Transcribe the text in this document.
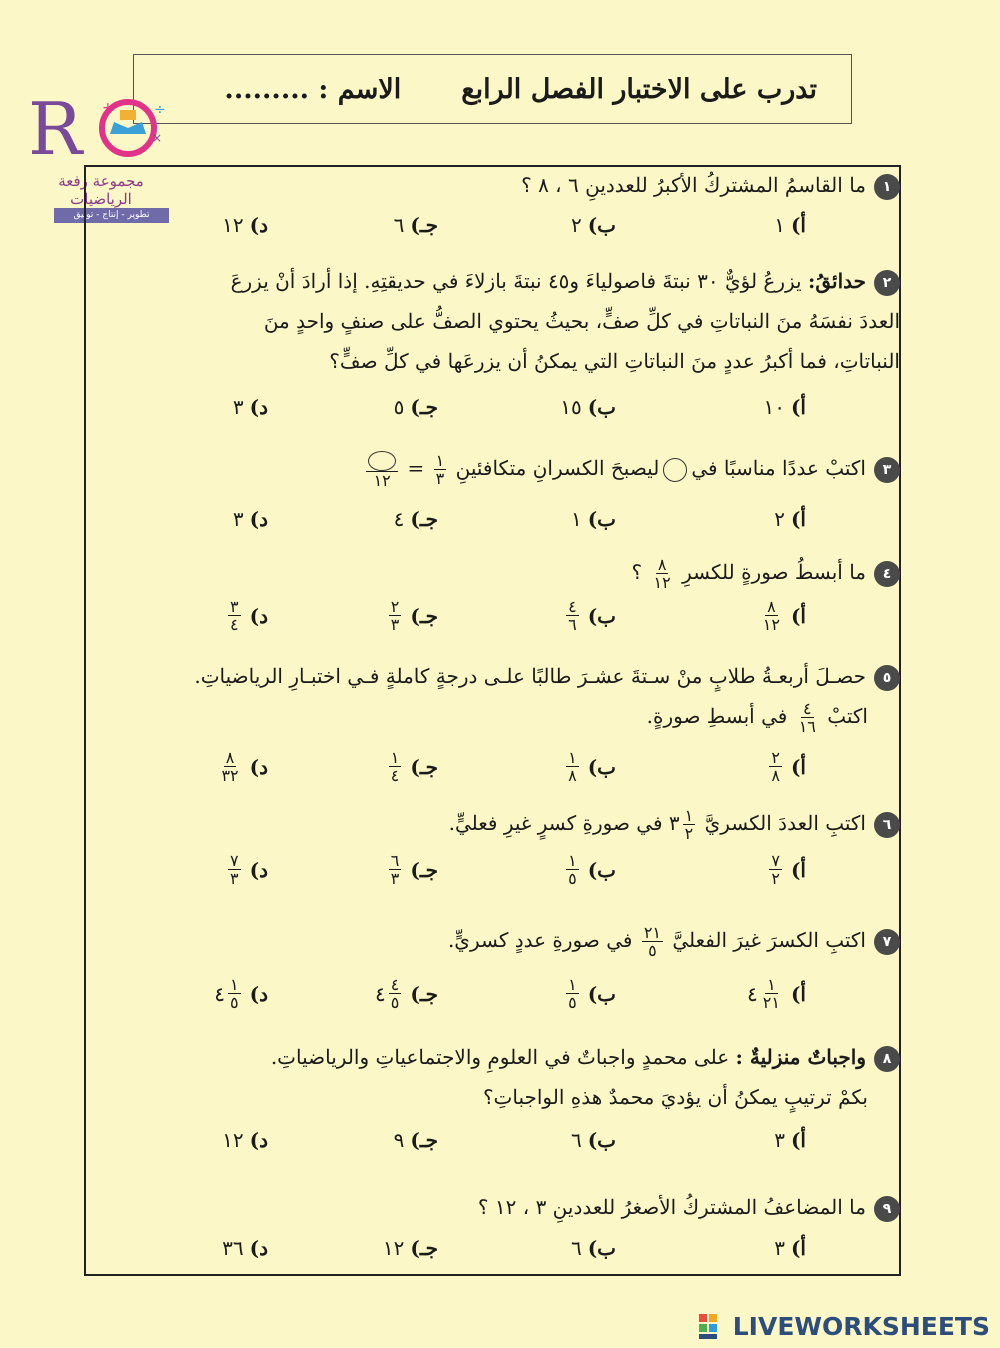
تدرب على الاختبار الفصل الرابع
الاسم : .........
R +	÷
×
مجموعة رفعة الرياضيات
تطوير - إنتاج - توثيق
١ما القاسمُ المشتركُ الأكبرُ للعددينِ ٦ ، ٨ ؟
أ)
١
ب)
٢
جـ)
٦
د)
١٢
٢حدائقُ: يزرعُ لؤيٌّ ٣٠ نبتةَ فاصولياءَ و٤٥ نبتةَ بازلاءَ في حديقتِهِ. إذا أرادَ أنْ يزرعَ
العددَ نفسَهُ منَ النباتاتِ في كلِّ صفٍّ، بحيثُ يحتوي الصفُّ على صنفٍ واحدٍ منَ
النباتاتِ، فما أكبرُ عددٍ منَ النباتاتِ التي يمكنُ أن يزرعَها في كلِّ صفٍّ؟
أ)
١٠
ب)
١٥
جـ)
٥
د)
٣
٣اكتبْ عددًا مناسبًا فيليصبحَ الكسرانِ متكافئينِ
$\frac{١}{٣}$
=
١٢
أ)
٢
ب)
١
جـ)
٤
د)
٣
٤ما أبسطُ صورةٍ للكسرِ
$\frac{٨}{١٢}$
؟
أ)
$\frac{٨}{١٢}$
ب)
$\frac{٤}{٦}$
جـ)
$\frac{٢}{٣}$
د)
$\frac{٣}{٤}$
٥حصـلَ أربعـةُ طلابٍ منْ سـتةَ عشـرَ طالبًا علـى درجةٍ كاملةٍ فـي اختبـارِ الرياضياتِ.
اكتبْ
$\frac{٤}{١٦}$
في أبسطِ صورةٍ.
أ)
$\frac{٢}{٨}$
ب)
$\frac{١}{٨}$
جـ)
$\frac{١}{٤}$
د)
$\frac{٨}{٣٢}$
٦اكتبِ العددَ الكسريَّ
$\frac{١}{٢}$
٣ في صورةِ كسرٍ غيرِ فعليٍّ.
أ)
$\frac{٧}{٢}$
ب)
$\frac{١}{٥}$
جـ)
$\frac{٦}{٣}$
د)
$\frac{٧}{٣}$
٧اكتبِ الكسرَ غيرَ الفعليَّ
$\frac{٢١}{٥}$
في صورةِ عددٍ كسريٍّ.
أ)
$\frac{١}{٢١}$
٤
ب)
$\frac{١}{٥}$
جـ)
$\frac{٤}{٥}$
٤
د)
$\frac{١}{٥}$
٤
٨واجباتٌ منزليةٌ : على محمدٍ واجباتٌ في العلومِ والاجتماعياتِ والرياضياتِ.
بكمْ ترتيبٍ يمكنُ أن يؤديَ محمدٌ هذهِ الواجباتِ؟
أ)
٣
ب)
٦
جـ)
٩
د)
١٢
٩ما المضاعفُ المشتركُ الأصغرُ للعددينِ ٣ ، ١٢ ؟
أ)
٣
ب)
٦
جـ)
١٢
د)
٣٦
LIVEWORKSHEETS
